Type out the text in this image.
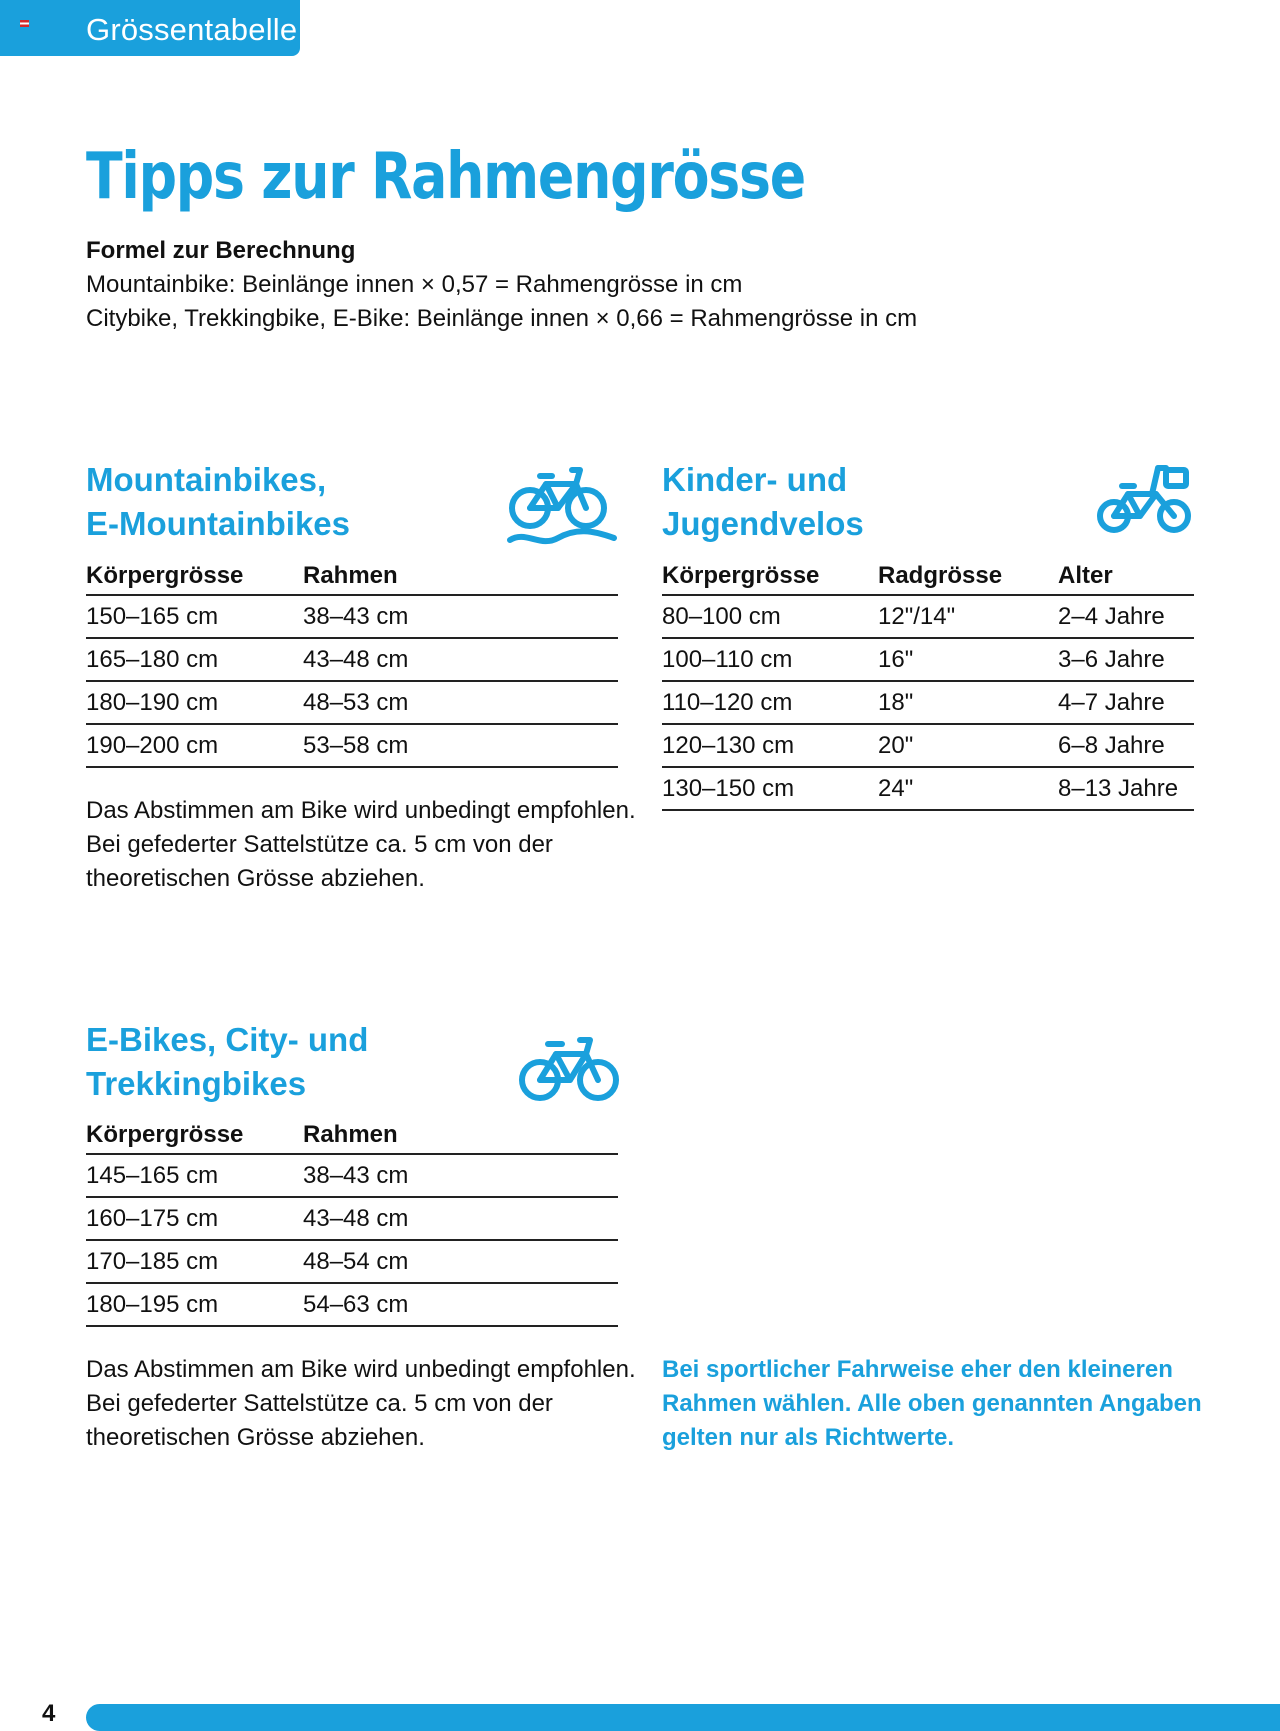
Grössentabelle
Tipps zur Rahmengrösse
Formel zur Berechnung
Mountainbike: Beinlänge innen × 0,57 = Rahmengrösse in cm
Citybike, Trekkingbike, E-Bike: Beinlänge innen × 0,66 = Rahmengrösse in cm
Mountainbikes,
E-Mountainbikes
Körpergrösse	Rahmen
150–165 cm	38–43 cm
165–180 cm	43–48 cm
180–190 cm	48–53 cm
190–200 cm	53–58 cm
Das Abstimmen am Bike wird unbedingt empfohlen.
Bei gefederter Sattelstütze ca. 5 cm von der
theoretischen Grösse abziehen.
Kinder- und
Jugendvelos
Körpergrösse	Radgrösse	Alter
80–100 cm	12"/14"	2–4 Jahre
100–110 cm	16"	3–6 Jahre
110–120 cm	18"	4–7 Jahre
120–130 cm	20"	6–8 Jahre
130–150 cm	24"	8–13 Jahre
E-Bikes, City- und
Trekkingbikes
Körpergrösse	Rahmen
145–165 cm	38–43 cm
160–175 cm	43–48 cm
170–185 cm	48–54 cm
180–195 cm	54–63 cm
Das Abstimmen am Bike wird unbedingt empfohlen.
Bei gefederter Sattelstütze ca. 5 cm von der
theoretischen Grösse abziehen.
Bei sportlicher Fahrweise eher den kleineren
Rahmen wählen. Alle oben genannten Angaben
gelten nur als Richtwerte.
4
